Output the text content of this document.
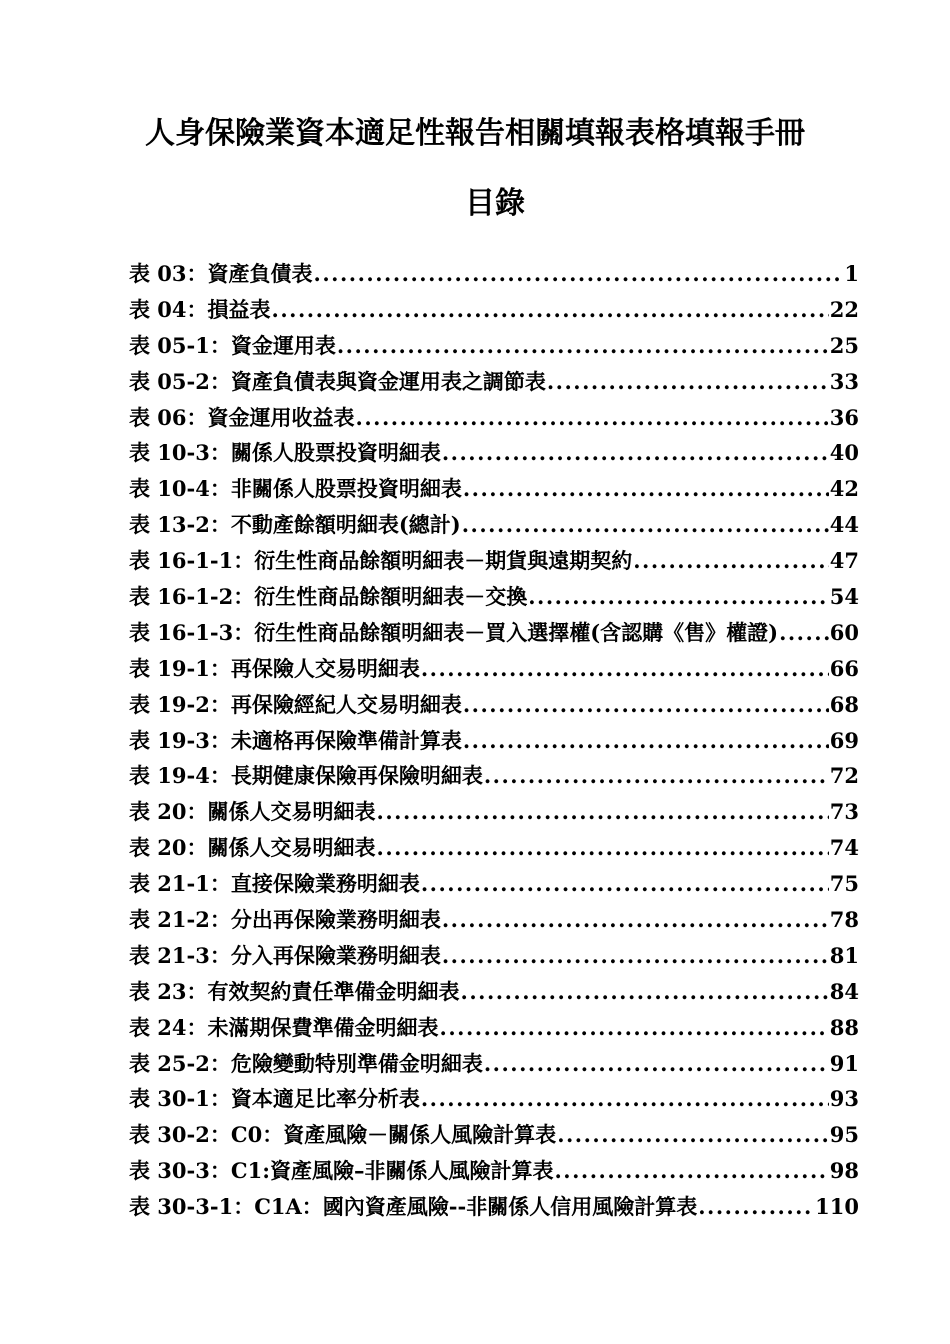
人身保險業資本適足性報告相關填報表格填報手冊
目錄
表 03：資產負債表 .....	1
表 04：損益表 .....	22
表 05-1：資金運用表 .....	25
表 05-2：資產負債表與資金運用表之調節表 .....	33
表 06：資金運用收益表 .....	36
表 10-3：關係人股票投資明細表 .....	40
表 10-4：非關係人股票投資明細表 .....	42
表 13-2：不動產餘額明細表(總計) .....	44
表 16-1-1：衍生性商品餘額明細表－期貨與遠期契約 .....	47
表 16-1-2：衍生性商品餘額明細表－交換 .....	54
表 16-1-3：衍生性商品餘額明細表－買入選擇權(含認購《售》權證) ..... 60
表 19-1：再保險人交易明細表 .....	66
表 19-2：再保險經紀人交易明細表 .....	68
表 19-3：未適格再保險準備計算表 .....	69
表 19-4：長期健康保險再保險明細表 .....	72
表 20：關係人交易明細表 .....	73
表 20：關係人交易明細表 .....	74
表 21-1：直接保險業務明細表 .....	75
表 21-2：分出再保險業務明細表 .....	78
表 21-3：分入再保險業務明細表 .....	81
表 23：有效契約責任準備金明細表 .....	84
表 24：未滿期保費準備金明細表 .....	88
表 25-2：危險變動特別準備金明細表 .....	91
表 30-1：資本適足比率分析表 .....	93
表 30-2：C0：資產風險－關係人風險計算表 .....	95
表 30-3：C1:資產風險–非關係人風險計算表 .....	98
表 30-3-1：C1A：國內資產風險--非關係人信用風險計算表 .....	110
